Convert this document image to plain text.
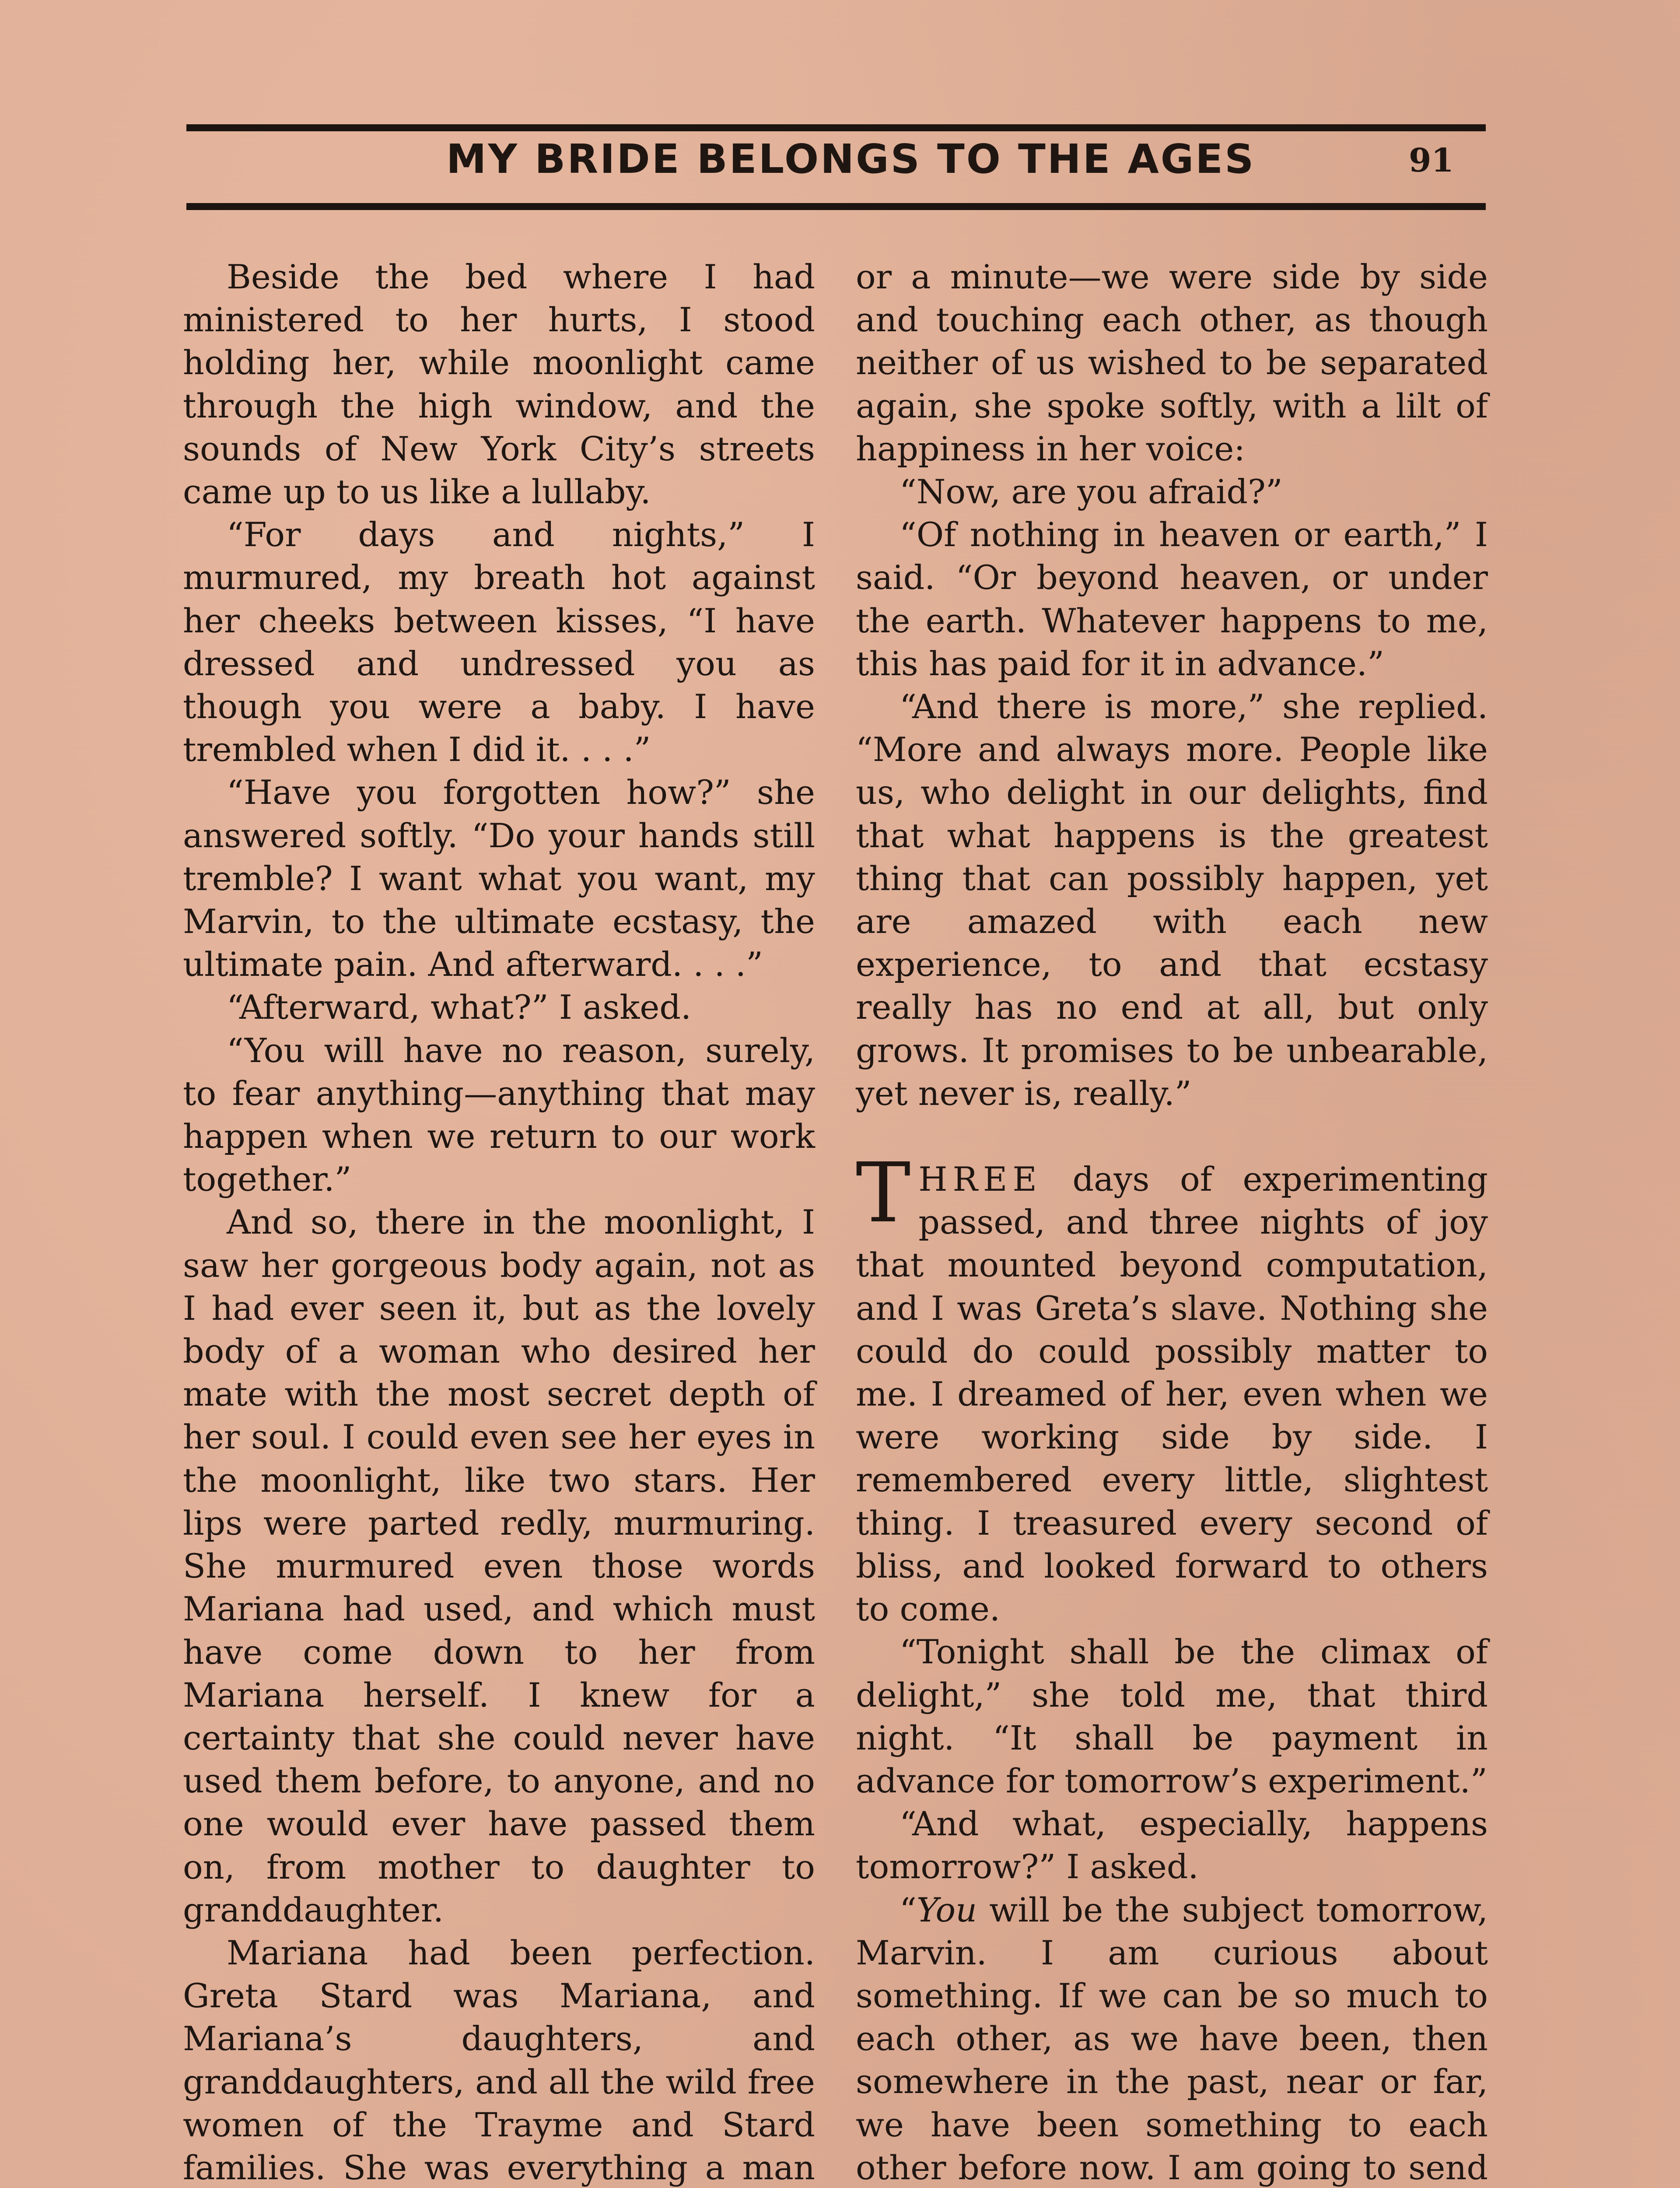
MY BRIDE BELONGS TO THE AGES	91

Beside the bed where I had ministered to her hurts, I stood holding her, while moonlight came through the high window, and the sounds of New York City’s streets came up to us like a lullaby.

“For days and nights,” I murmured, my breath hot against her cheeks between kisses, “I have dressed and undressed you as though you were a baby. I have trembled when I did it. . . .”

“Have you forgotten how?” she answered softly. “Do your hands still tremble? I want what you want, my Marvin, to the ultimate ecstasy, the ultimate pain. And afterward. . . .”

“Afterward, what?” I asked.

“You will have no reason, surely, to fear anything—anything that may happen when we return to our work together.”

And so, there in the moonlight, I saw her gorgeous body again, not as I had ever seen it, but as the lovely body of a woman who desired her mate with the most secret depth of her soul. I could even see her eyes in the moonlight, like two stars. Her lips were parted redly, murmuring. She murmured even those words Mariana had used, and which must have come down to her from Mariana herself. I knew for a certainty that she could never have used them before, to anyone, and no one would ever have passed them on, from mother to daughter to granddaughter.

Mariana had been perfection. Greta Stard was Mariana, and Mariana’s daughters, and granddaughters, and all the wild free women of the Trayme and Stard families. She was everything a man

or a minute—we were side by side and touching each other, as though neither of us wished to be separated again, she spoke softly, with a lilt of happiness in her voice:

“Now, are you afraid?”

“Of nothing in heaven or earth,” I said. “Or beyond heaven, or under the earth. Whatever happens to me, this has paid for it in advance.”

“And there is more,” she replied. “More and always more. People like us, who delight in our delights, find that what happens is the greatest thing that can possibly happen, yet are amazed with each new experience, to and that ecstasy really has no end at all, but only grows. It promises to be unbearable, yet never is, really.”

THREE days of experimenting passed, and three nights of joy that mounted beyond computation, and I was Greta’s slave. Nothing she could do could possibly matter to me. I dreamed of her, even when we were working side by side. I remembered every little, slightest thing. I treasured every second of bliss, and looked forward to others to come.

“Tonight shall be the climax of delight,” she told me, that third night. “It shall be payment in advance for tomorrow’s experiment.”

“And what, especially, happens tomorrow?” I asked.

“You will be the subject tomorrow, Marvin. I am curious about something. If we can be so much to each other, as we have been, then somewhere in the past, near or far, we have been something to each other before now. I am going to send
